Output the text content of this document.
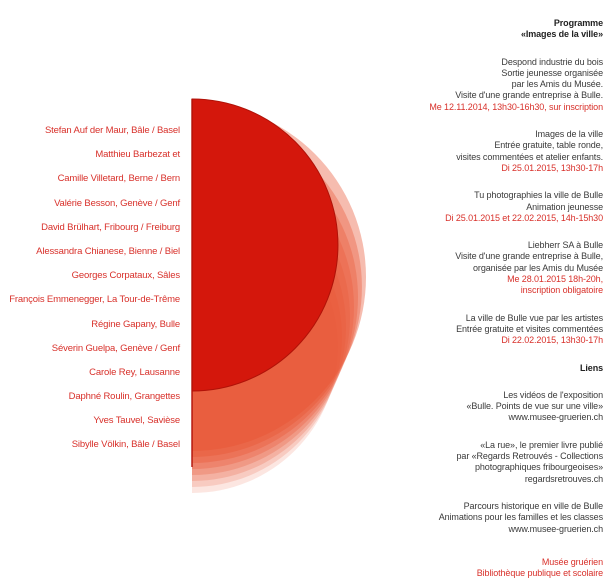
Stefan Auf der Maur, Bâle / Basel
Matthieu Barbezat et
Camille Villetard, Berne / Bern
Valérie Besson, Genève / Genf
David Brülhart, Fribourg / Freiburg
Alessandra Chianese, Bienne / Biel
Georges Corpataux, Sâles
François Emmenegger, La Tour-de-Trême
Régine Gapany, Bulle
Séverin Guelpa, Genève / Genf
Carole Rey, Lausanne
Daphné Roulin, Grangettes
Yves Tauvel, Savièse
Sibylle Völkin, Bâle / Basel
Programme
«Images de la ville»
Despond industrie du bois
Sortie jeunesse organisée
par les Amis du Musée.
Visite d'une grande entreprise à Bulle.
Me 12.11.2014, 13h30-16h30, sur inscription
Images de la ville
Entrée gratuite, table ronde,
visites commentées et atelier enfants.
Di 25.01.2015, 13h30-17h
Tu photographies la ville de Bulle
Animation jeunesse
Di 25.01.2015 et 22.02.2015, 14h-15h30
Liebherr SA à Bulle
Visite d'une grande entreprise à Bulle,
organisée par les Amis du Musée
Me 28.01.2015 18h-20h,
inscription obligatoire
La ville de Bulle vue par les artistes
Entrée gratuite et visites commentées
Di 22.02.2015, 13h30-17h
Liens
Les vidéos de l'exposition
«Bulle. Points de vue sur une ville»
www.musee-gruerien.ch
«La rue», le premier livre publié
par «Regards Retrouvés - Collections
photographiques fribourgeoises»
regardsretrouves.ch
Parcours historique en ville de Bulle
Animations pour les familles et les classes
www.musee-gruerien.ch
Musée gruérien
Bibliothèque publique et scolaire
